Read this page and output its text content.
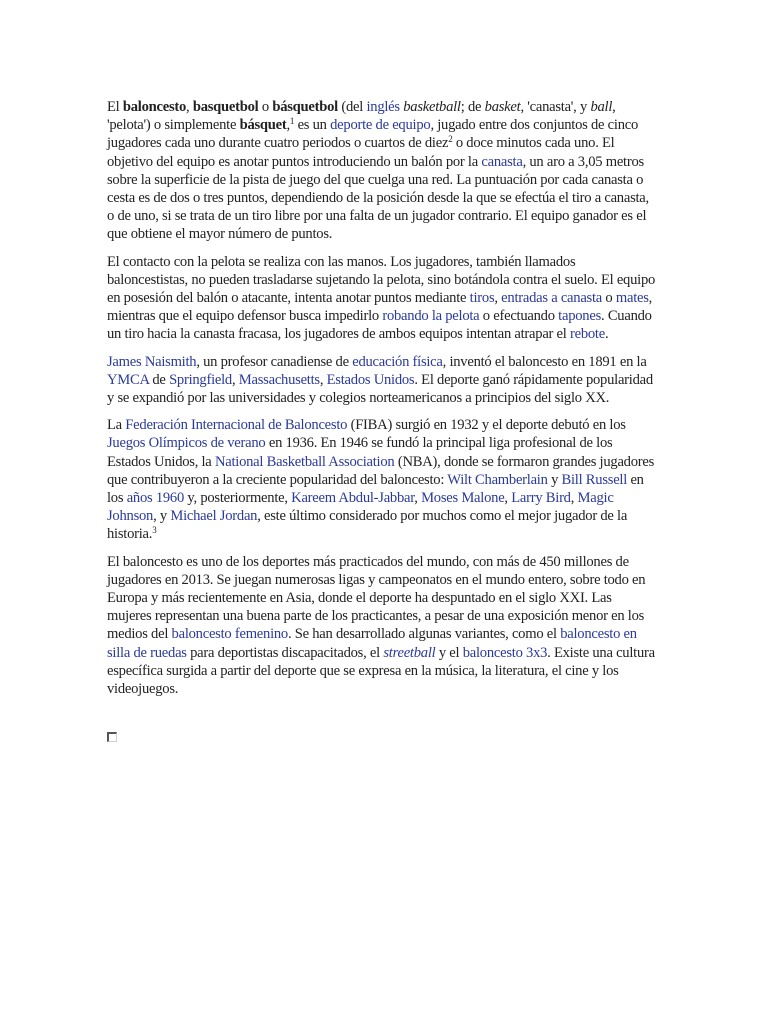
El baloncesto, basquetbol o básquetbol (del inglés basketball; de basket, 'canasta', y ball, 'pelota') o simplemente básquet,$^1$ es un deporte de equipo, jugado entre dos conjuntos de cinco jugadores cada uno durante cuatro periodos o cuartos de diez$^2$ o doce minutos cada uno. El objetivo del equipo es anotar puntos introduciendo un balón por la canasta, un aro a 3,05 metros sobre la superficie de la pista de juego del que cuelga una red. La puntuación por cada canasta o cesta es de dos o tres puntos, dependiendo de la posición desde la que se efectúa el tiro a canasta, o de uno, si se trata de un tiro libre por una falta de un jugador contrario. El equipo ganador es el que obtiene el mayor número de puntos.

El contacto con la pelota se realiza con las manos. Los jugadores, también llamados baloncestistas, no pueden trasladarse sujetando la pelota, sino botándola contra el suelo. El equipo en posesión del balón o atacante, intenta anotar puntos mediante tiros, entradas a canasta o mates, mientras que el equipo defensor busca impedirlo robando la pelota o efectuando tapones. Cuando un tiro hacia la canasta fracasa, los jugadores de ambos equipos intentan atrapar el rebote.

James Naismith, un profesor canadiense de educación física, inventó el baloncesto en 1891 en la YMCA de Springfield, Massachusetts, Estados Unidos. El deporte ganó rápidamente popularidad y se expandió por las universidades y colegios norteamericanos a principios del siglo XX.

La Federación Internacional de Baloncesto (FIBA) surgió en 1932 y el deporte debutó en los Juegos Olímpicos de verano en 1936. En 1946 se fundó la principal liga profesional de los Estados Unidos, la National Basketball Association (NBA), donde se formaron grandes jugadores que contribuyeron a la creciente popularidad del baloncesto: Wilt Chamberlain y Bill Russell en los años 1960 y, posteriormente, Kareem Abdul-Jabbar, Moses Malone, Larry Bird, Magic Johnson, y Michael Jordan, este último considerado por muchos como el mejor jugador de la historia.$^3$

El baloncesto es uno de los deportes más practicados del mundo, con más de 450 millones de jugadores en 2013. Se juegan numerosas ligas y campeonatos en el mundo entero, sobre todo en Europa y más recientemente en Asia, donde el deporte ha despuntado en el siglo XXI. Las mujeres representan una buena parte de los practicantes, a pesar de una exposición menor en los medios del baloncesto femenino. Se han desarrollado algunas variantes, como el baloncesto en silla de ruedas para deportistas discapacitados, el streetball y el baloncesto 3x3. Existe una cultura específica surgida a partir del deporte que se expresa en la música, la literatura, el cine y los videojuegos.
